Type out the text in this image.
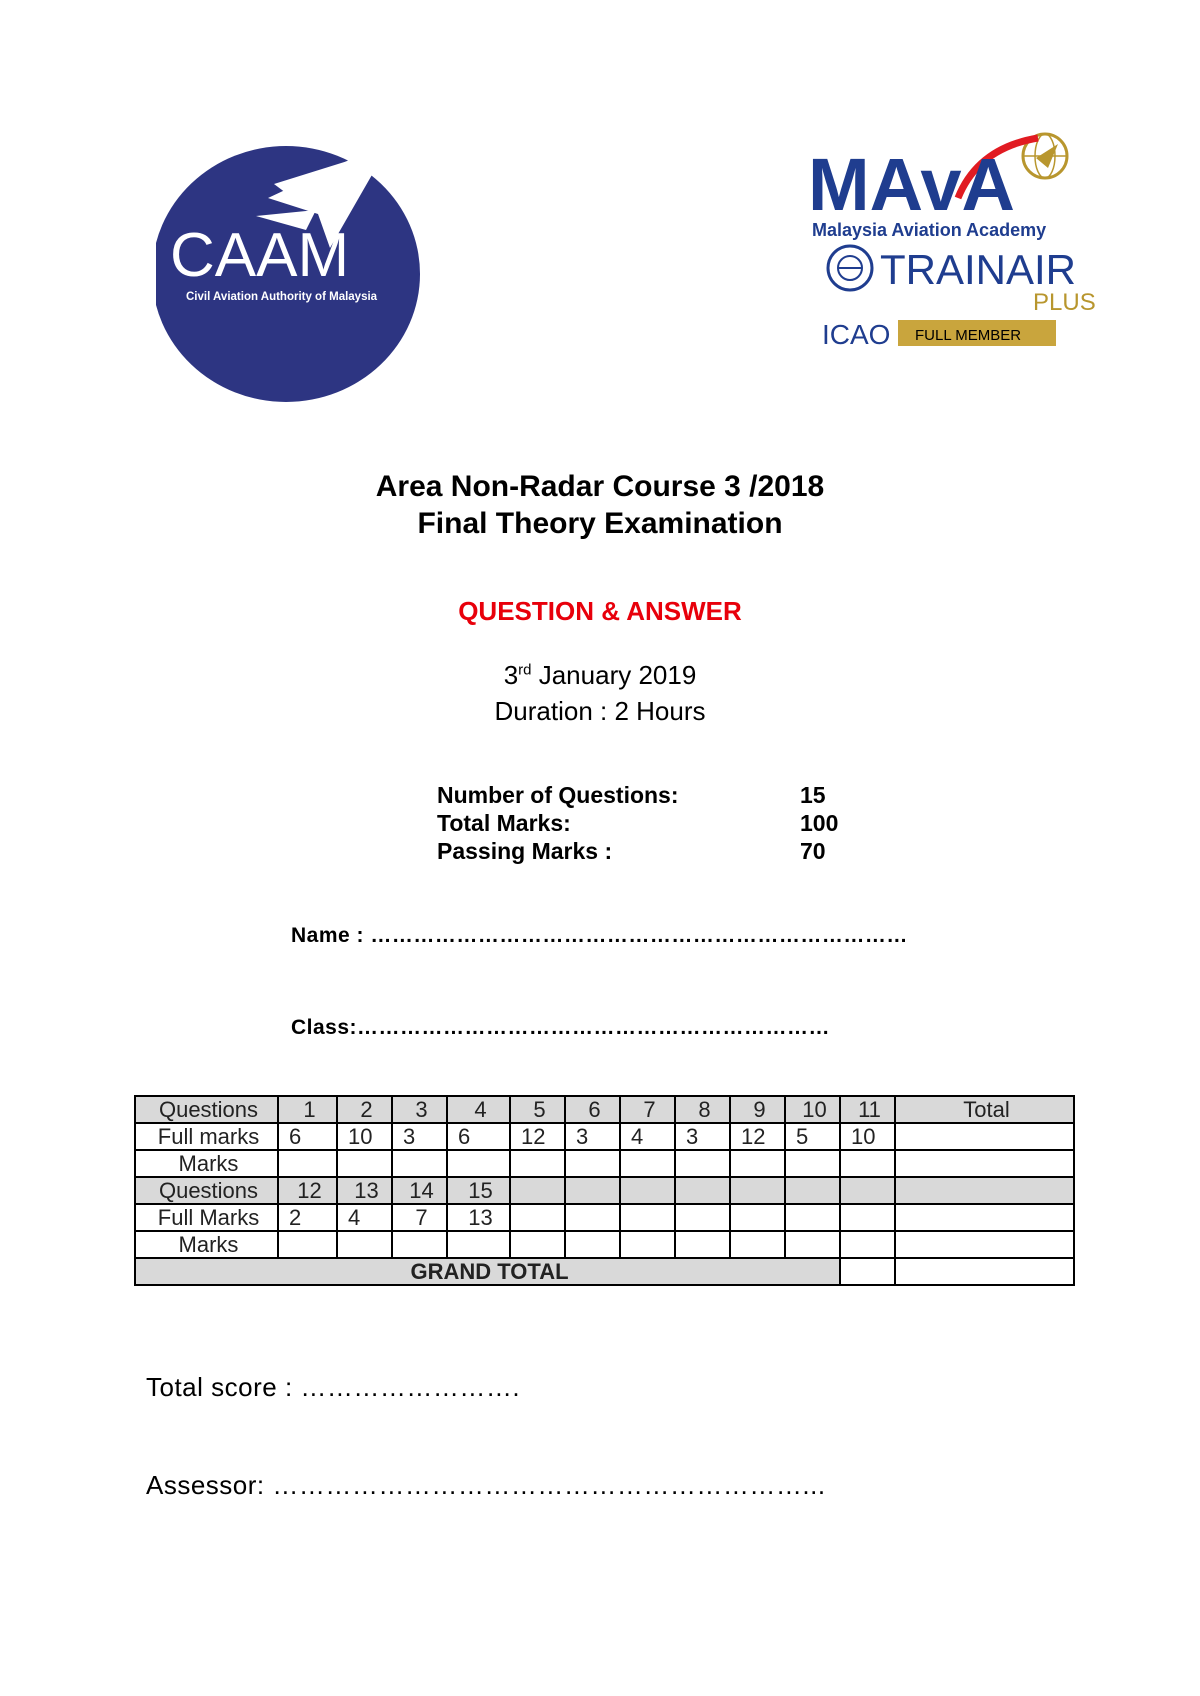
CAAM
Civil Aviation Authority of Malaysia
MAvA
Malaysia Aviation Academy
TRAINAIR
PLUS
ICAO FULL MEMBER
Area Non-Radar Course 3 /2018
Final Theory Examination
QUESTION & ANSWER
3rd January 2019
Duration : 2 Hours
Number of Questions:	15
Total Marks:	100
Passing Marks :	70
Name : …………………………………………………………………
Class:…………………………………………………………
Questions	1	2	3	4	5	6	7	8	9	10	11	Total
Full marks	6	10	3	6	12	3	4	3	12	5	10	
Marks												
Questions	12	13	14	15								
Full Marks	2	4	7	13								
Marks												
GRAND TOTAL												
Total score : …………………….
Assessor: ……………………………………………………...
